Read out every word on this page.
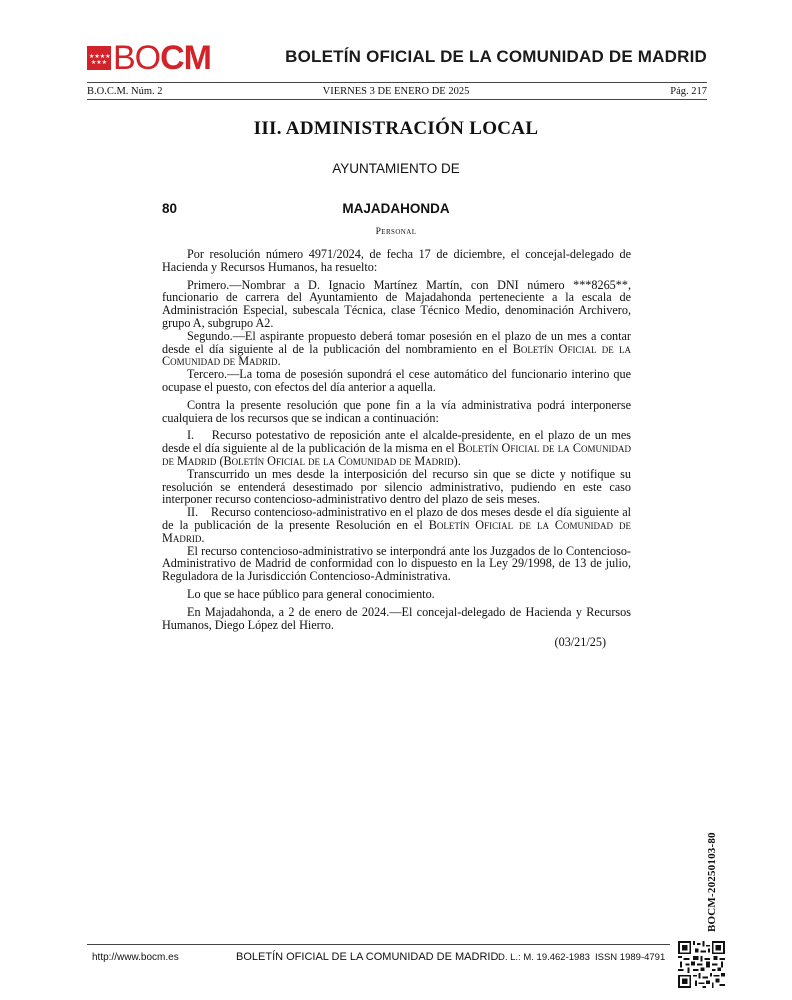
★★★★
★★★ BOCM	BOLETÍN OFICIAL DE LA COMUNIDAD DE MADRID
B.O.C.M. Núm. 2	VIERNES 3 DE ENERO DE 2025	Pág. 217
III. ADMINISTRACIÓN LOCAL
AYUNTAMIENTO DE
80	MAJADAHONDA
Personal

Por resolución número 4971/2024, de fecha 17 de diciembre, el concejal-delegado de Hacienda y Recursos Humanos, ha resuelto:

Primero.—Nombrar a D. Ignacio Martínez Martín, con DNI número ***8265**, funcionario de carrera del Ayuntamiento de Majadahonda perteneciente a la escala de Administración Especial, subescala Técnica, clase Técnico Medio, denominación Archivero, grupo A, subgrupo A2.

Segundo.—El aspirante propuesto deberá tomar posesión en el plazo de un mes a contar desde el día siguiente al de la publicación del nombramiento en el Boletín Oficial de la Comunidad de Madrid.

Tercero.—La toma de posesión supondrá el cese automático del funcionario interino que ocupase el puesto, con efectos del día anterior a aquella.

Contra la presente resolución que pone fin a la vía administrativa podrá interponerse cualquiera de los recursos que se indican a continuación:

I.    Recurso potestativo de reposición ante el alcalde-presidente, en el plazo de un mes desde el día siguiente al de la publicación de la misma en el Boletín Oficial de la Comunidad de Madrid (Boletín Oficial de la Comunidad de Madrid).

Transcurrido un mes desde la interposición del recurso sin que se dicte y notifique su resolución se entenderá desestimado por silencio administrativo, pudiendo en este caso interponer recurso contencioso-administrativo dentro del plazo de seis meses.

II.    Recurso contencioso-administrativo en el plazo de dos meses desde el día siguiente al de la publicación de la presente Resolución en el Boletín Oficial de la Comunidad de Madrid.

El recurso contencioso-administrativo se interpondrá ante los Juzgados de lo Contencioso-Administrativo de Madrid de conformidad con lo dispuesto en la Ley 29/1998, de 13 de julio, Reguladora de la Jurisdicción Contencioso-Administrativa.

Lo que se hace público para general conocimiento.

En Majadahonda, a 2 de enero de 2024.—El concejal-delegado de Hacienda y Recursos Humanos, Diego López del Hierro.

(03/21/25)

BOCM-20250103-80
http://www.bocm.es	BOLETÍN OFICIAL DE LA COMUNIDAD DE MADRID D. L.: M. 19.462-1983 ISSN 1989-4791
